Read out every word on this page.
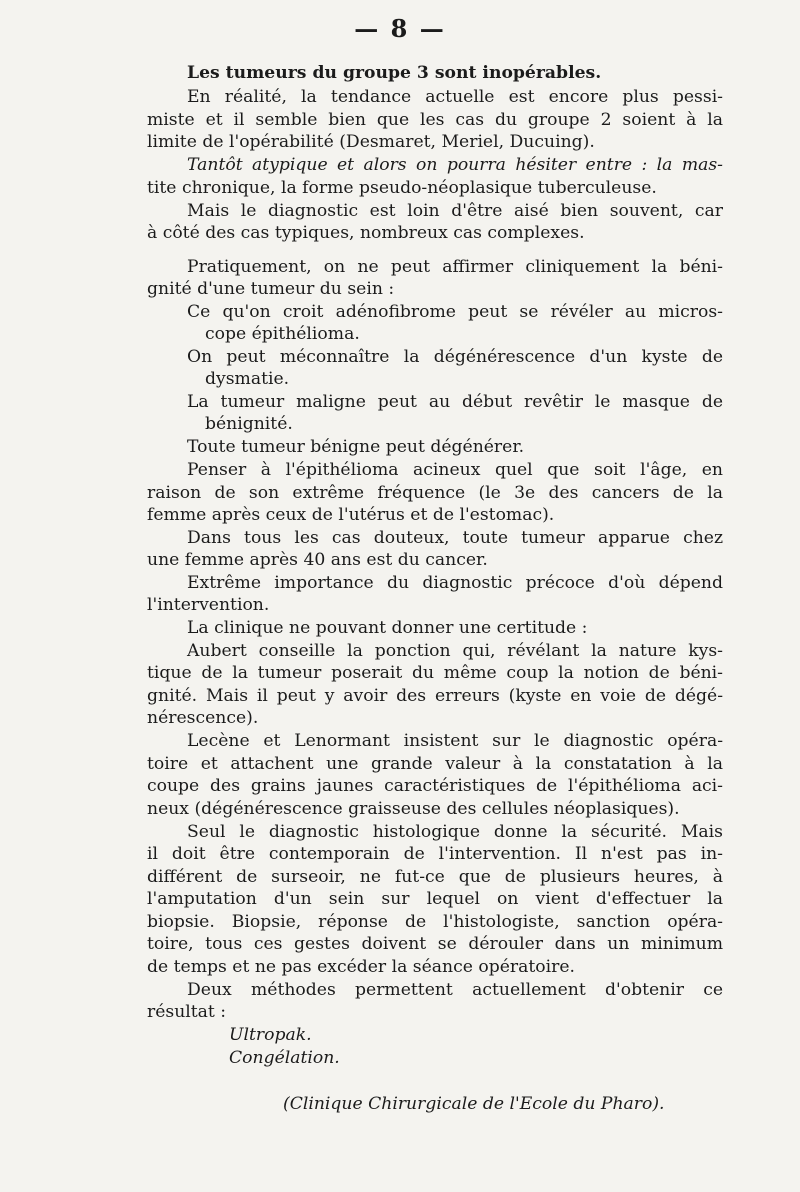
— 8 —
Les tumeurs du groupe 3 sont inopérables.
En réalité, la tendance actuelle est encore plus pessi-
miste et il semble bien que les cas du groupe 2 soient à la
limite de l'opérabilité (Desmaret, Meriel, Ducuing).
Tantôt atypique et alors on pourra hésiter entre : la mas-
tite chronique, la forme pseudo-néoplasique tuberculeuse.
Mais le diagnostic est loin d'être aisé bien souvent, car
à côté des cas typiques, nombreux cas complexes.
Pratiquement, on ne peut affirmer cliniquement la béni-
gnité d'une tumeur du sein :
Ce qu'on croit adénofibrome peut se révéler au micros-
cope épithélioma.
On peut méconnaître la dégénérescence d'un kyste de
dysmatie.
La tumeur maligne peut au début revêtir le masque de
bénignité.
Toute tumeur bénigne peut dégénérer.
Penser à l'épithélioma acineux quel que soit l'âge, en
raison de son extrême fréquence (le 3e des cancers de la
femme après ceux de l'utérus et de l'estomac).
Dans tous les cas douteux, toute tumeur apparue chez
une femme après 40 ans est du cancer.
Extrême importance du diagnostic précoce d'où dépend
l'intervention.
La clinique ne pouvant donner une certitude :
Aubert conseille la ponction qui, révélant la nature kys-
tique de la tumeur poserait du même coup la notion de béni-
gnité. Mais il peut y avoir des erreurs (kyste en voie de dégé-
nérescence).
Lecène et Lenormant insistent sur le diagnostic opéra-
toire et attachent une grande valeur à la constatation à la
coupe des grains jaunes caractéristiques de l'épithélioma aci-
neux (dégénérescence graisseuse des cellules néoplasiques).
Seul le diagnostic histologique donne la sécurité. Mais
il doit être contemporain de l'intervention. Il n'est pas in-
différent de surseoir, ne fut-ce que de plusieurs heures, à
l'amputation d'un sein sur lequel on vient d'effectuer la
biopsie. Biopsie, réponse de l'histologiste, sanction opéra-
toire, tous ces gestes doivent se dérouler dans un minimum
de temps et ne pas excéder la séance opératoire.
Deux méthodes permettent actuellement d'obtenir ce
résultat :
Ultropak.
Congélation.
(Clinique Chirurgicale de l'Ecole du Pharo).
